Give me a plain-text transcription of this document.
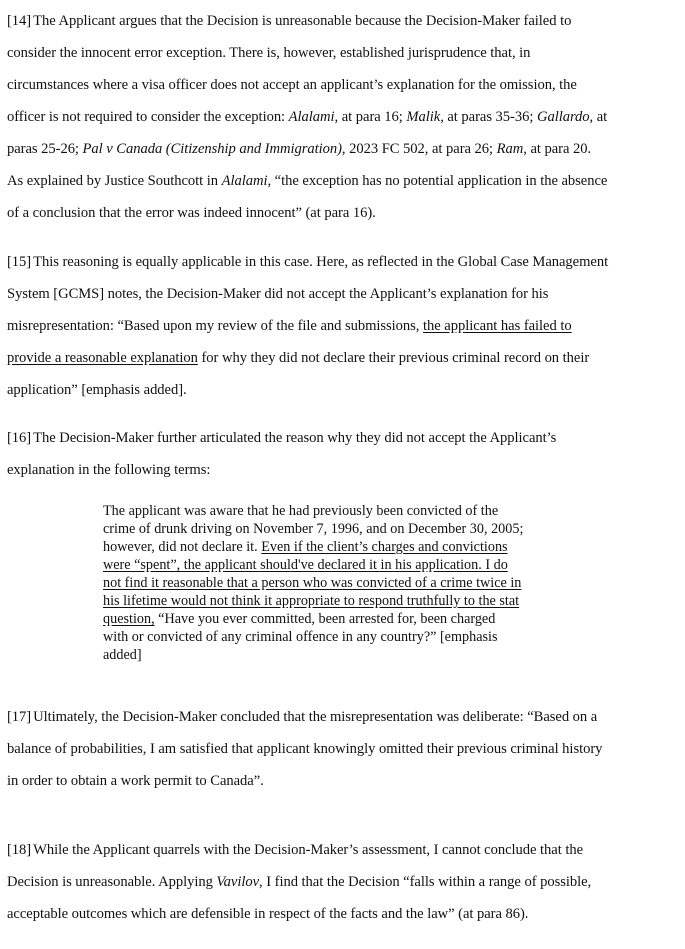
[14] The Applicant argues that the Decision is unreasonable because the Decision-Maker failed to
consider the innocent error exception. There is, however, established jurisprudence that, in
circumstances where a visa officer does not accept an applicant’s explanation for the omission, the
officer is not required to consider the exception: Alalami, at para 16; Malik, at paras 35-36; Gallardo, at
paras 25-26; Pal v Canada (Citizenship and Immigration), 2023 FC 502, at para 26; Ram, at para 20.
As explained by Justice Southcott in Alalami, “the exception has no potential application in the absence
of a conclusion that the error was indeed innocent” (at para 16).
[15] This reasoning is equally applicable in this case. Here, as reflected in the Global Case Management
System [GCMS] notes, the Decision-Maker did not accept the Applicant’s explanation for his
misrepresentation: “Based upon my review of the file and submissions, the applicant has failed to
provide a reasonable explanation for why they did not declare their previous criminal record on their
application” [emphasis added].
[16] The Decision-Maker further articulated the reason why they did not accept the Applicant’s
explanation in the following terms:
The applicant was aware that he had previously been convicted of the
crime of drunk driving on November 7, 1996, and on December 30, 2005;
however, did not declare it. Even if the client’s charges and convictions
were “spent”, the applicant should've declared it in his application. I do
not find it reasonable that a person who was convicted of a crime twice in
his lifetime would not think it appropriate to respond truthfully to the stat
question, “Have you ever committed, been arrested for, been charged
with or convicted of any criminal offence in any country?” [emphasis
added]
[17] Ultimately, the Decision-Maker concluded that the misrepresentation was deliberate: “Based on a
balance of probabilities, I am satisfied that applicant knowingly omitted their previous criminal history
in order to obtain a work permit to Canada”.
[18] While the Applicant quarrels with the Decision-Maker’s assessment, I cannot conclude that the
Decision is unreasonable. Applying Vavilov, I find that the Decision “falls within a range of possible,
acceptable outcomes which are defensible in respect of the facts and the law” (at para 86).
